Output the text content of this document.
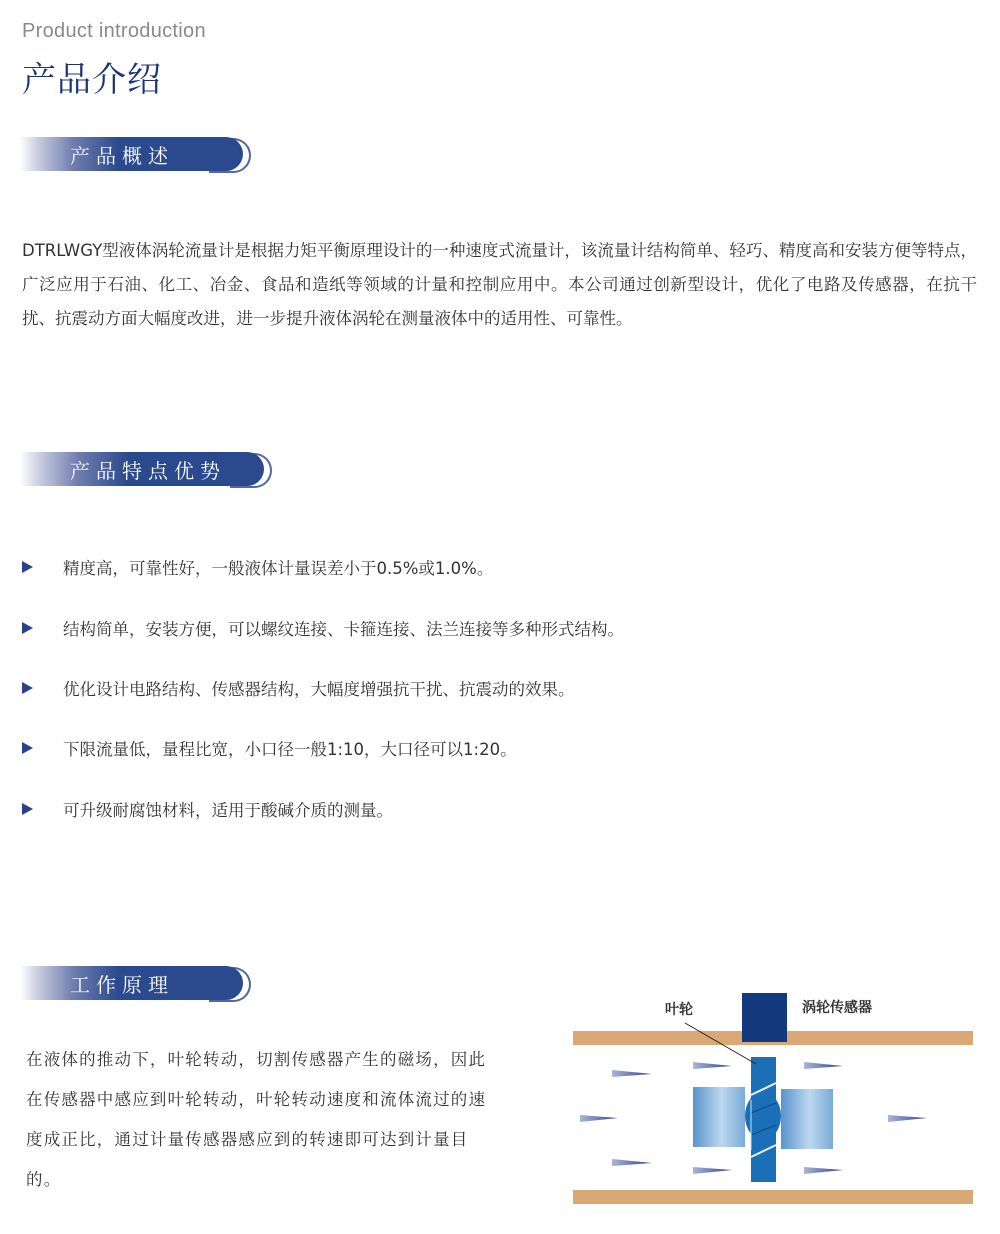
Product introduction
产品介绍
产品概述
DTRLWGY型液体涡轮流量计是根据力矩平衡原理设计的一种速度式流量计，该流量计结构简单、轻巧、精度高和安装方便等特点，广泛应用于石油、化工、冶金、食品和造纸等领域的计量和控制应用中。本公司通过创新型设计，优化了电路及传感器，在抗干扰、抗震动方面大幅度改进，进一步提升液体涡轮在测量液体中的适用性、可靠性。
产品特点优势
精度高，可靠性好，一般液体计量误差小于0.5%或1.0%。
结构简单，安装方便，可以螺纹连接、卡箍连接、法兰连接等多种形式结构。
优化设计电路结构、传感器结构，大幅度增强抗干扰、抗震动的效果。
下限流量低，量程比宽，小口径一般1:10，大口径可以1:20。
可升级耐腐蚀材料，适用于酸碱介质的测量。
工作原理
在液体的推动下，叶轮转动，切割传感器产生的磁场，因此在传感器中感应到叶轮转动，叶轮转动速度和流体流过的速度成正比，通过计量传感器感应到的转速即可达到计量目的。
叶轮	涡轮传感器
